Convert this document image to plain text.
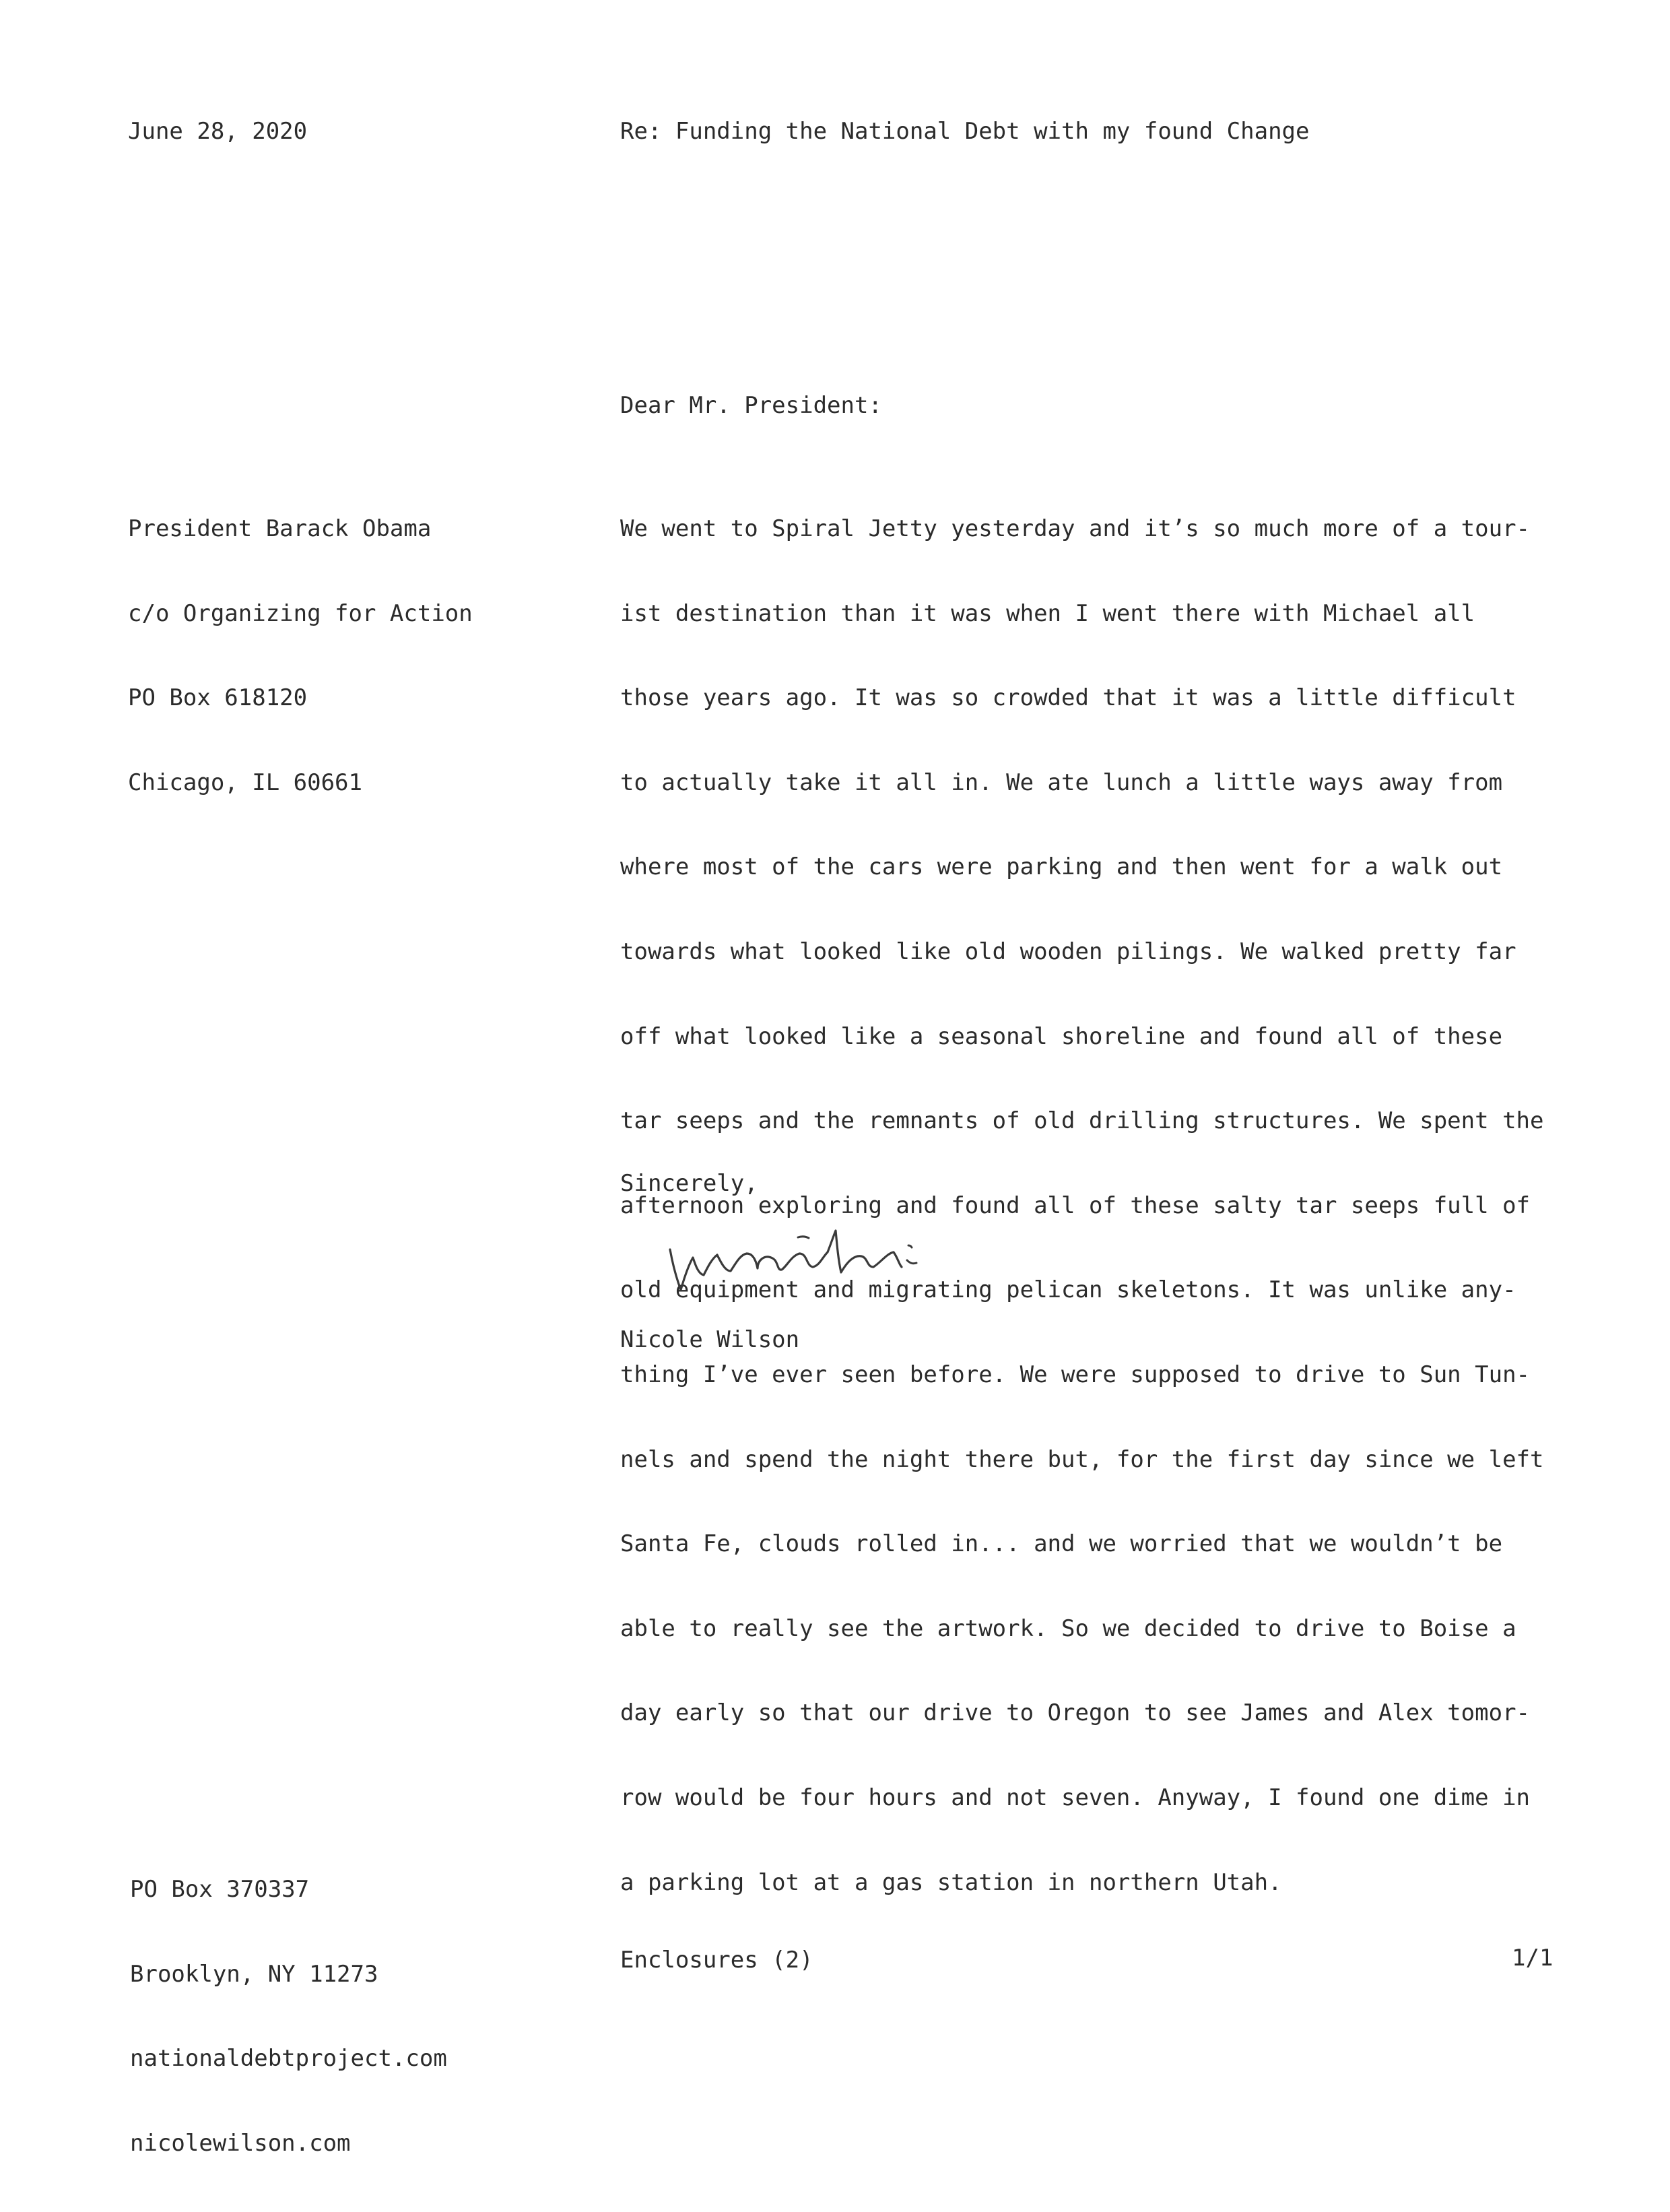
June 28, 2020	Re: Funding the National Debt with my found Change
Dear Mr. President:

President Barack Obama

c/o Organizing for Action

PO Box 618120

Chicago, IL 60661

We went to Spiral Jetty yesterday and it’s so much more of a tour-

ist destination than it was when I went there with Michael all

those years ago. It was so crowded that it was a little difficult

to actually take it all in. We ate lunch a little ways away from

where most of the cars were parking and then went for a walk out

towards what looked like old wooden pilings. We walked pretty far

off what looked like a seasonal shoreline and found all of these

tar seeps and the remnants of old drilling structures. We spent the

afternoon exploring and found all of these salty tar seeps full of

old equipment and migrating pelican skeletons. It was unlike any-

thing I’ve ever seen before. We were supposed to drive to Sun Tun-

nels and spend the night there but, for the first day since we left

Santa Fe, clouds rolled in... and we worried that we wouldn’t be

able to really see the artwork. So we decided to drive to Boise a

day early so that our drive to Oregon to see James and Alex tomor-

row would be four hours and not seven. Anyway, I found one dime in

a parking lot at a gas station in northern Utah.

Sincerely,
Nicole Wilson

PO Box 370337

Brooklyn, NY 11273

nationaldebtproject.com

nicolewilson.com

Enclosures (2)	1/1
